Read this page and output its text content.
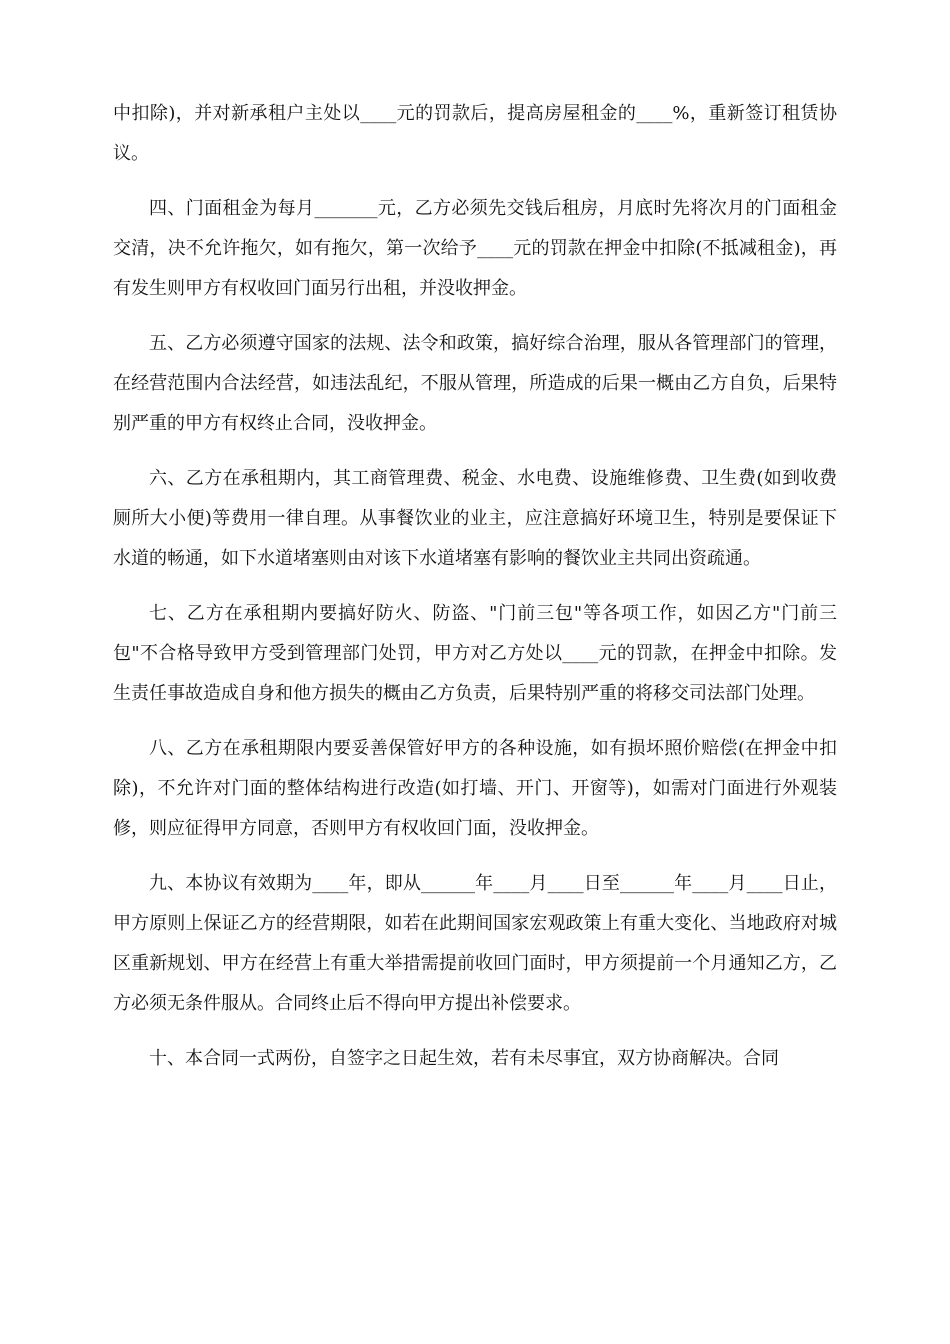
中扣除)，并对新承租户主处以____元的罚款后，提高房屋租金的____%，重新签订租赁协议。

四、门面租金为每月_______元，乙方必须先交钱后租房，月底时先将次月的门面租金交清，决不允许拖欠，如有拖欠，第一次给予____元的罚款在押金中扣除(不抵减租金)，再有发生则甲方有权收回门面另行出租，并没收押金。

五、乙方必须遵守国家的法规、法令和政策，搞好综合治理，服从各管理部门的管理，在经营范围内合法经营，如违法乱纪，不服从管理，所造成的后果一概由乙方自负，后果特别严重的甲方有权终止合同，没收押金。

六、乙方在承租期内，其工商管理费、税金、水电费、设施维修费、卫生费(如到收费厕所大小便)等费用一律自理。从事餐饮业的业主，应注意搞好环境卫生，特别是要保证下水道的畅通，如下水道堵塞则由对该下水道堵塞有影响的餐饮业主共同出资疏通。

七、乙方在承租期内要搞好防火、防盗、"门前三包"等各项工作，如因乙方"门前三包"不合格导致甲方受到管理部门处罚，甲方对乙方处以____元的罚款，在押金中扣除。发生责任事故造成自身和他方损失的概由乙方负责，后果特别严重的将移交司法部门处理。

八、乙方在承租期限内要妥善保管好甲方的各种设施，如有损坏照价赔偿(在押金中扣除)，不允许对门面的整体结构进行改造(如打墙、开门、开窗等)，如需对门面进行外观装修，则应征得甲方同意，否则甲方有权收回门面，没收押金。

九、本协议有效期为____年，即从______年____月____日至______年____月____日止，甲方原则上保证乙方的经营期限，如若在此期间国家宏观政策上有重大变化、当地政府对城区重新规划、甲方在经营上有重大举措需提前收回门面时，甲方须提前一个月通知乙方，乙方必须无条件服从。合同终止后不得向甲方提出补偿要求。

十、本合同一式两份，自签字之日起生效，若有未尽事宜，双方协商解决。合同
